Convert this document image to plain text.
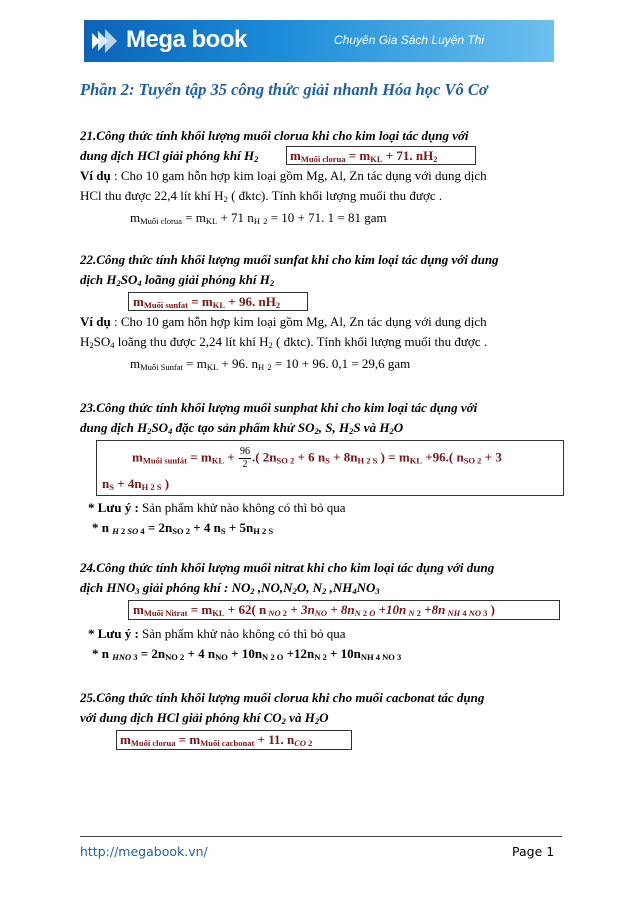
Mega book	Chuyên Gia Sách Luyện Thi
Phần 2: Tuyển tập 35 công thức giải nhanh Hóa học Vô Cơ
21.Công thức tính khối lượng muối clorua khi cho kim loại tác dụng với
dung dịch HCl giải phóng khí H2 mMuối clorua = mKL + 71. nH2
Ví dụ : Cho 10 gam hỗn hợp kim loại gồm Mg, Al, Zn tác dụng với dung dịch
HCl thu được 22,4 lít khí H2 ( đktc). Tính khối lượng muối thu được .
mMuối clorua = mKL + 71 nH 2 = 10 + 71. 1 = 81 gam
22.Công thức tính khối lượng muối sunfat khi cho kim loại tác dụng với dung
dịch H2SO4 loãng giải phóng khí H2
mMuối sunfat = mKL + 96. nH2
Ví dụ : Cho 10 gam hỗn hợp kim loại gồm Mg, Al, Zn tác dụng với dung dịch
H2SO4 loãng thu được 2,24 lít khí H2 ( đktc). Tính khối lượng muối thu được .
mMuối Sunfat = mKL + 96. nH 2 = 10 + 96. 0,1 = 29,6 gam
23.Công thức tính khối lượng muối sunphat khi cho kim loại tác dụng với
dung dịch H2SO4 đặc tạo sản phẩm khử SO2, S, H2S và H2O
mMuối sunfát = mKL + $\frac{96}{2}$ .( 2nSO 2 + 6 nS + 8nH 2 S ) = mKL +96.( nSO 2 + 3
nS + 4nH 2 S )
* Lưu ý : Sản phẩm khử nào không có thì bỏ qua
* n H 2 SO 4 = 2nSO 2 + 4 nS + 5nH 2 S
24.Công thức tính khối lượng muối nitrat khi cho kim loại tác dụng với dung
dịch HNO3 giải phóng khí : NO2 ,NO,N2O, N2 ,NH4NO3
mMuối Nitrat = mKL + 62( n NO 2 + 3nNO + 8nN 2 O +10n N 2 +8n NH 4 NO 3 )
* Lưu ý : Sản phẩm khử nào không có thì bỏ qua
* n HNO 3 = 2nNO 2 + 4 nNO + 10nN 2 O +12nN 2 + 10nNH 4 NO 3
25.Công thức tính khối lượng muối clorua khi cho muối cacbonat tác dụng
với dung dịch HCl giải phóng khí CO2 và H2O
mMuối clorua = mMuối cacbonat + 11. nCO 2
http://megabook.vn/	Page 1
